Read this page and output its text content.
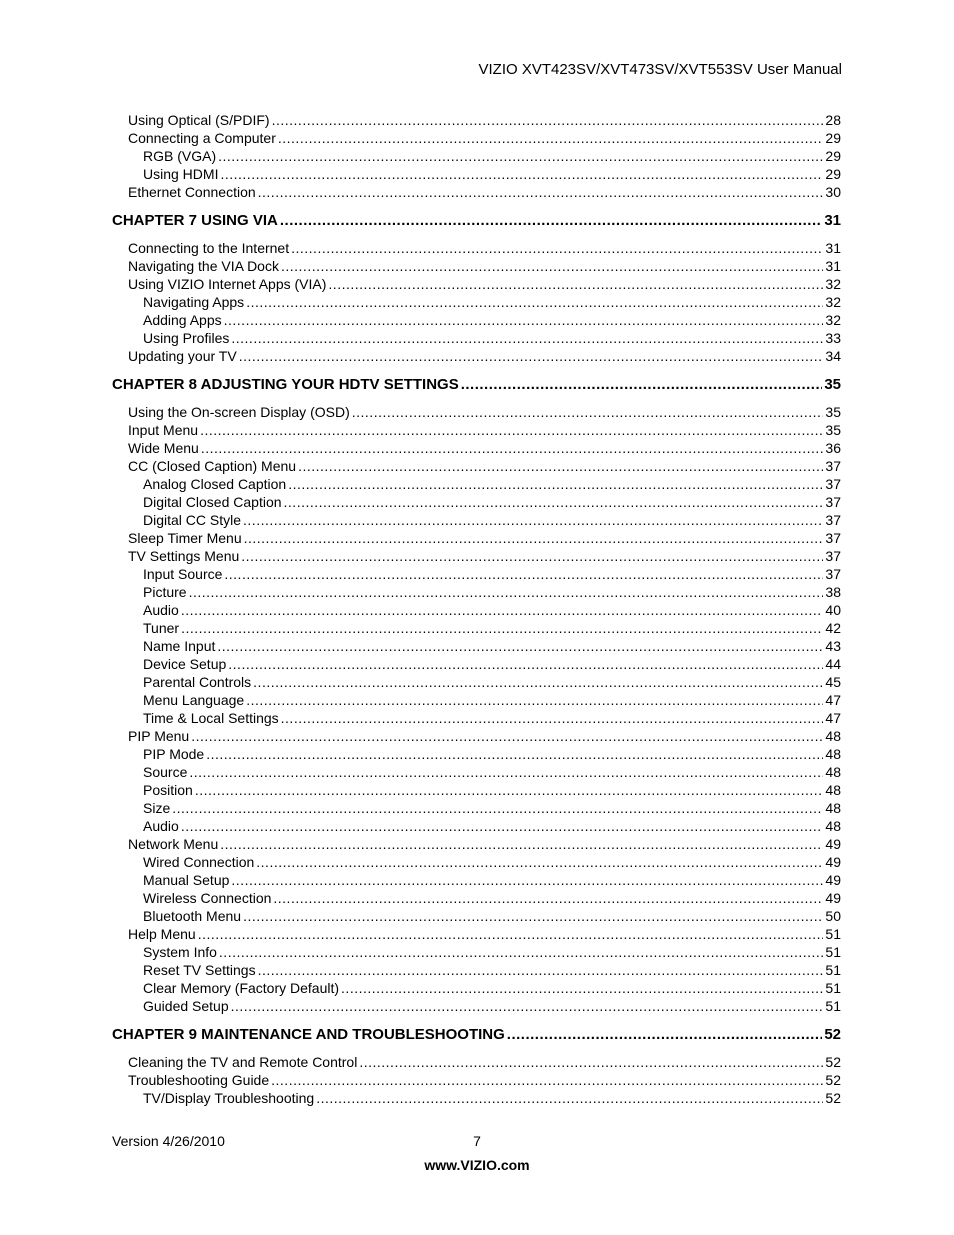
VIZIO XVT423SV/XVT473SV/XVT553SV User Manual
Using Optical (S/PDIF) .....	28
Connecting a Computer .....	29
RGB (VGA) .....	29
Using HDMI .....	29
Ethernet Connection .....	30
CHAPTER 7 USING VIA .....	31
Connecting to the Internet .....	31
Navigating the VIA Dock .....	31
Using VIZIO Internet Apps (VIA) .....	32
Navigating Apps .....	32
Adding Apps .....	32
Using Profiles .....	33
Updating your TV .....	34
CHAPTER 8 ADJUSTING YOUR HDTV SETTINGS .....	35
Using the On-screen Display (OSD) .....	35
Input Menu .....	35
Wide Menu .....	36
CC (Closed Caption) Menu .....	37
Analog Closed Caption .....	37
Digital Closed Caption .....	37
Digital CC Style .....	37
Sleep Timer Menu .....	37
TV Settings Menu .....	37
Input Source .....	37
Picture .....	38
Audio .....	40
Tuner .....	42
Name Input .....	43
Device Setup .....	44
Parental Controls .....	45
Menu Language .....	47
Time & Local Settings .....	47
PIP Menu .....	48
PIP Mode .....	48
Source .....	48
Position .....	48
Size .....	48
Audio .....	48
Network Menu .....	49
Wired Connection .....	49
Manual Setup .....	49
Wireless Connection .....	49
Bluetooth Menu .....	50
Help Menu .....	51
System Info .....	51
Reset TV Settings .....	51
Clear Memory (Factory Default) .....	51
Guided Setup .....	51
CHAPTER 9 MAINTENANCE AND TROUBLESHOOTING .....	52
Cleaning the TV and Remote Control .....	52
Troubleshooting Guide .....	52
TV/Display Troubleshooting .....	52
Version 4/26/2010	7
www.VIZIO.com
